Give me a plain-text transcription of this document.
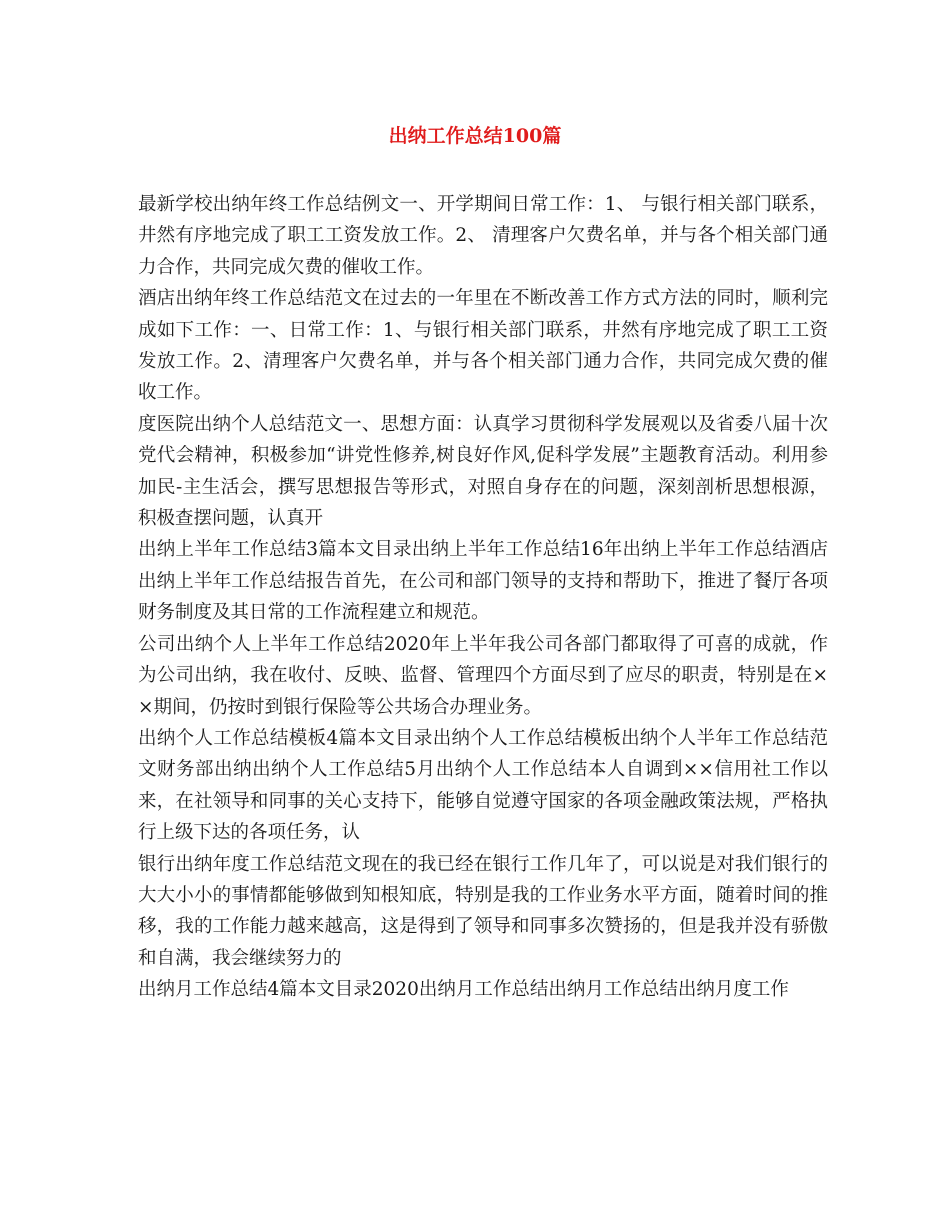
出纳工作总结100篇

最新学校出纳年终工作总结例文一、开学期间日常工作：1、 与银行相关部门联系，井然有序地完成了职工工资发放工作。2、 清理客户欠费名单，并与各个相关部门通力合作，共同完成欠费的催收工作。

酒店出纳年终工作总结范文在过去的一年里在不断改善工作方式方法的同时，顺利完成如下工作：一、日常工作：1、与银行相关部门联系，井然有序地完成了职工工资发放工作。2、清理客户欠费名单，并与各个相关部门通力合作，共同完成欠费的催收工作。

度医院出纳个人总结范文一、思想方面：认真学习贯彻科学发展观以及省委八届十次党代会精神，积极参加“讲党性修养,树良好作风,促科学发展”主题教育活动。利用参加民-主生活会，撰写思想报告等形式，对照自身存在的问题，深刻剖析思想根源，积极查摆问题，认真开

出纳上半年工作总结3篇本文目录出纳上半年工作总结16年出纳上半年工作总结酒店出纳上半年工作总结报告首先，在公司和部门领导的支持和帮助下，推进了餐厅各项财务制度及其日常的工作流程建立和规范。

公司出纳个人上半年工作总结2020年上半年我公司各部门都取得了可喜的成就，作为公司出纳，我在收付、反映、监督、管理四个方面尽到了应尽的职责，特别是在××期间，仍按时到银行保险等公共场合办理业务。

出纳个人工作总结模板4篇本文目录出纳个人工作总结模板出纳个人半年工作总结范文财务部出纳出纳个人工作总结5月出纳个人工作总结本人自调到××信用社工作以来，在社领导和同事的关心支持下，能够自觉遵守国家的各项金融政策法规，严格执行上级下达的各项任务，认

银行出纳年度工作总结范文现在的我已经在银行工作几年了，可以说是对我们银行的大大小小的事情都能够做到知根知底，特别是我的工作业务水平方面，随着时间的推移，我的工作能力越来越高，这是得到了领导和同事多次赞扬的，但是我并没有骄傲和自满，我会继续努力的

出纳月工作总结4篇本文目录2020出纳月工作总结出纳月工作总结出纳月度工作
